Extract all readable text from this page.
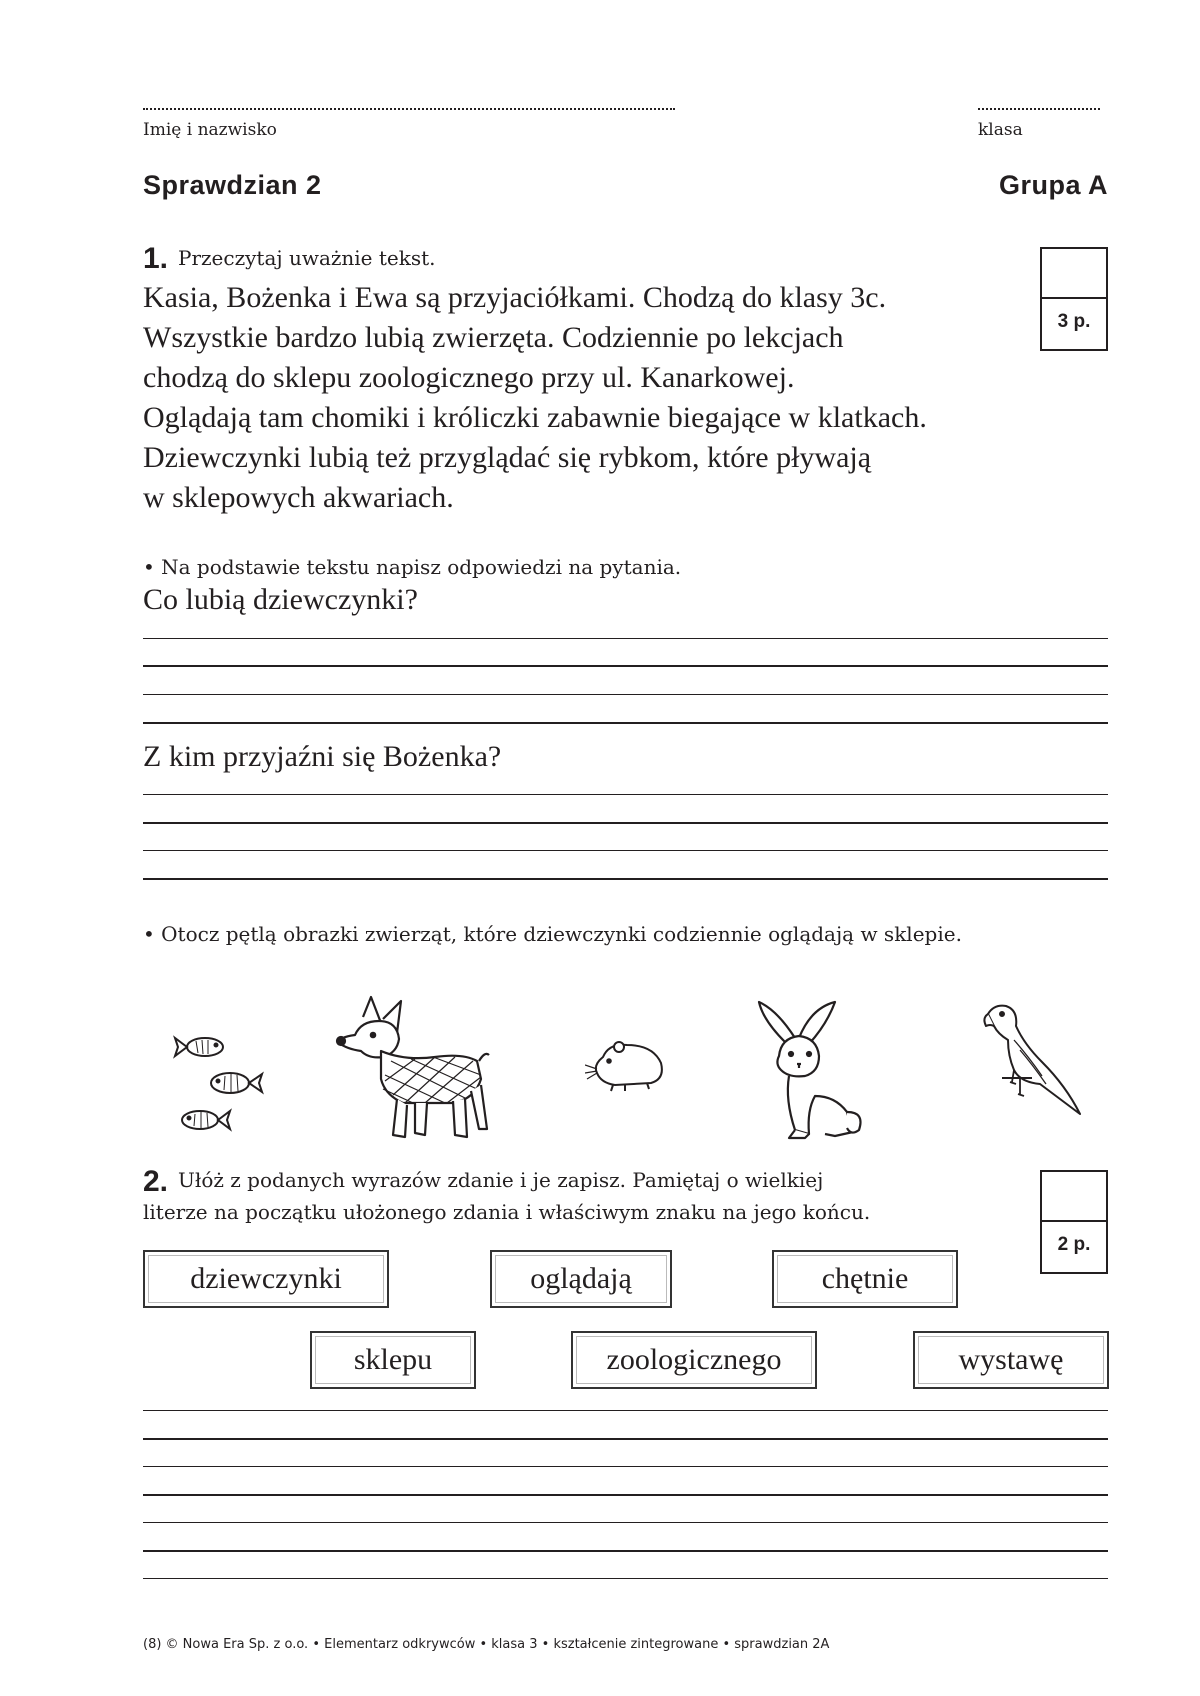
Imię i nazwisko	klasa
Sprawdzian 2	Grupa A
1. Przeczytaj uważnie tekst.
3 p.
Kasia, Bożenka i Ewa są przyjaciółkami. Chodzą do klasy 3c.
Wszystkie bardzo lubią zwierzęta. Codziennie po lekcjach
chodzą do sklepu zoologicznego przy ul. Kanarkowej.
Oglądają tam chomiki i króliczki zabawnie biegające w klatkach.
Dziewczynki lubią też przyglądać się rybkom, które pływają
w sklepowych akwariach.
• Na podstawie tekstu napisz odpowiedzi na pytania.
Co lubią dziewczynki?
Z kim przyjaźni się Bożenka?
• Otocz pętlą obrazki zwierząt, które dziewczynki codziennie oglądają w sklepie.
2. Ułóż z podanych wyrazów zdanie i je zapisz. Pamiętaj o wielkiej
literze na początku ułożonego zdania i właściwym znaku na jego końcu.
2 p.
dziewczynki	oglądają	chętnie
sklepu	zoologicznego	wystawę
(8) © Nowa Era Sp. z o.o. • Elementarz odkrywców • klasa 3 • kształcenie zintegrowane • sprawdzian 2A
